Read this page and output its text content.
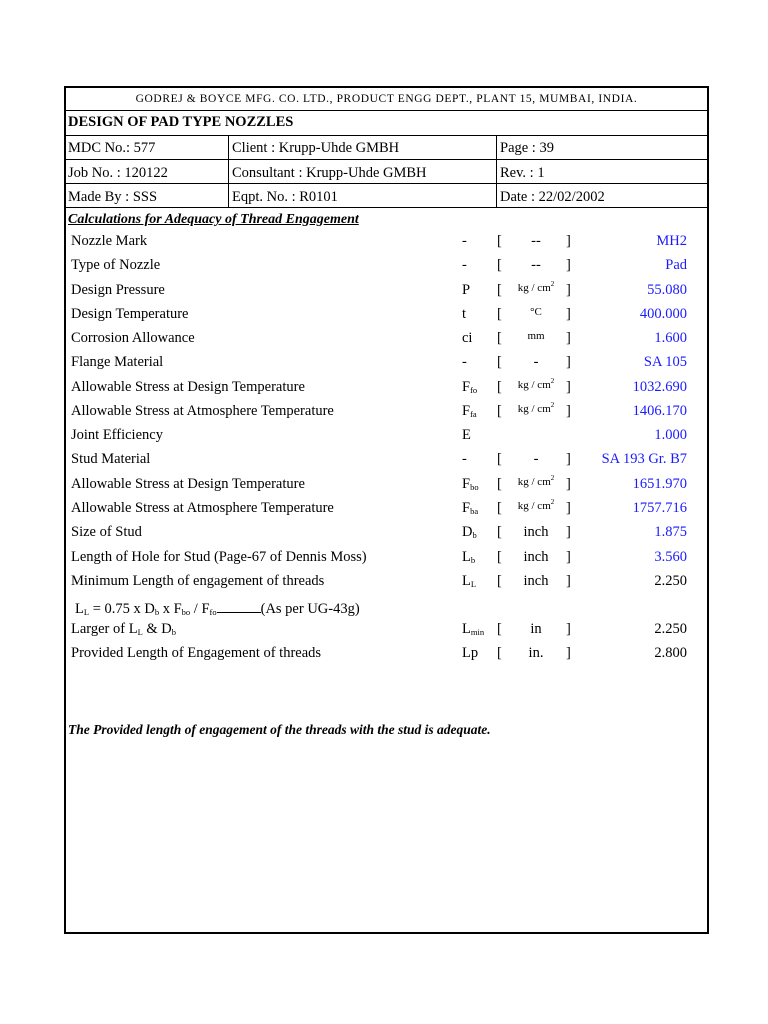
GODREJ & BOYCE MFG. CO. LTD., PRODUCT ENGG DEPT., PLANT 15, MUMBAI, INDIA.
DESIGN OF PAD TYPE NOZZLES
MDC No.: 577	Client : Krupp-Uhde GMBH	Page : 39
Job No. : 120122	Consultant : Krupp-Uhde GMBH	Rev. : 1
Made By : SSS	Eqpt. No. : R0101	Date : 22/02/2002
Calculations for Adequacy of Thread Engagement
Nozzle Mark	- [	--	]	MH2
Type of Nozzle	- [	--	]	Pad
Design Pressure	P [	kg / $cm^2$ ]	55.080
Design Temperature	t [	°C	]	400.000
Corrosion Allowance	ci [	mm	]	1.600
Flange Material	- [	-	]	SA 105
Allowable Stress at Design Temperature	$F_{fo}$ [	kg / $cm^2$ ]	1032.690
Allowable Stress at Atmosphere Temperature	$F_{fa}$ [	kg / $cm^2$ ]	1406.170
Joint Efficiency	E	1.000
Stud Material	- [	-	] SA 193 Gr. B7
Allowable Stress at Design Temperature	$F_{bo}$ [	kg / $cm^2$ ]	1651.970
Allowable Stress at Atmosphere Temperature	$F_{ba}$ [	kg / $cm^2$ ]	1757.716
Size of Stud	$D_b$ [	inch	]	1.875
Length of Hole for Stud (Page-67 of Dennis Moss)	$L_b$ [	inch	]	3.560
Minimum Length of engagement of threads	$L_L$ [	inch	]	2.250
Larger of $L_L$ & $D_b$	$L_{min}$ [	in	]	2.250
Provided Length of Engagement of threads	Lp [	in.	]	2.800
$L_L = 0.75$ x $D_b$ x $F_{bo} / F_{fo}$	(As per UG-43g)
The Provided length of engagement of the threads with the stud is adequate.
